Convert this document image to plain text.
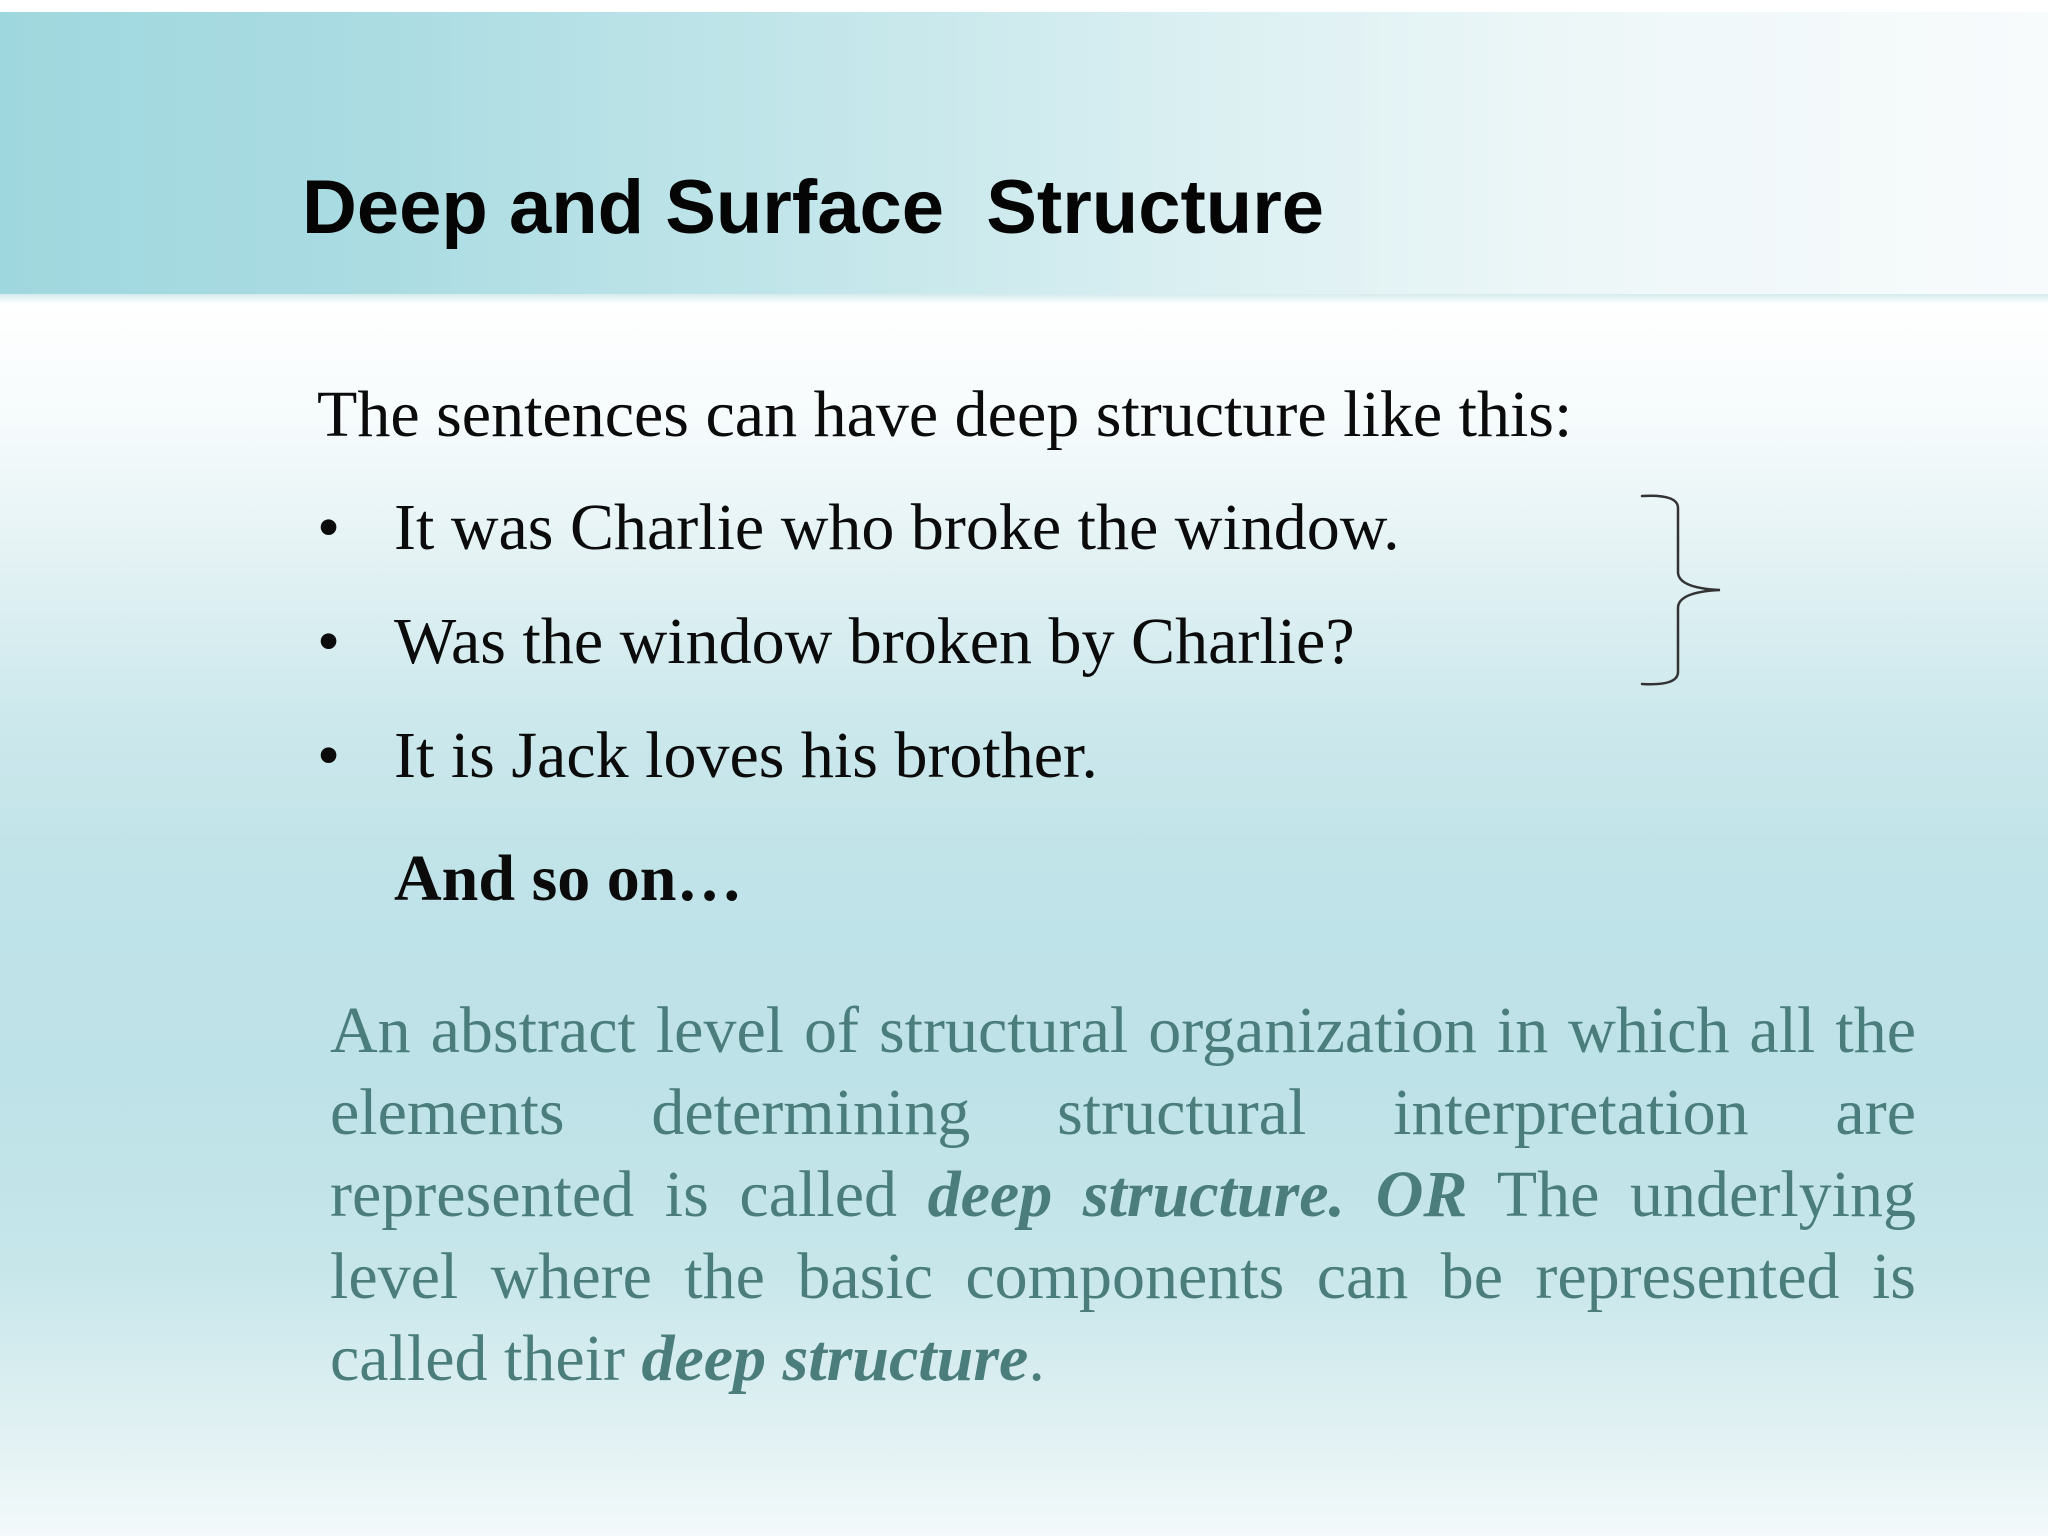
Deep and Surface  Structure

The sentences can have deep structure like this:

• It was Charlie who broke the window.
• Was the window broken by Charlie?
• It is Jack loves his brother.
And so on…

An abstract level of structural organization in which all the elements determining structural interpretation are represented is called deep structure. OR The underlying level where the basic components can be represented is called their deep structure.
